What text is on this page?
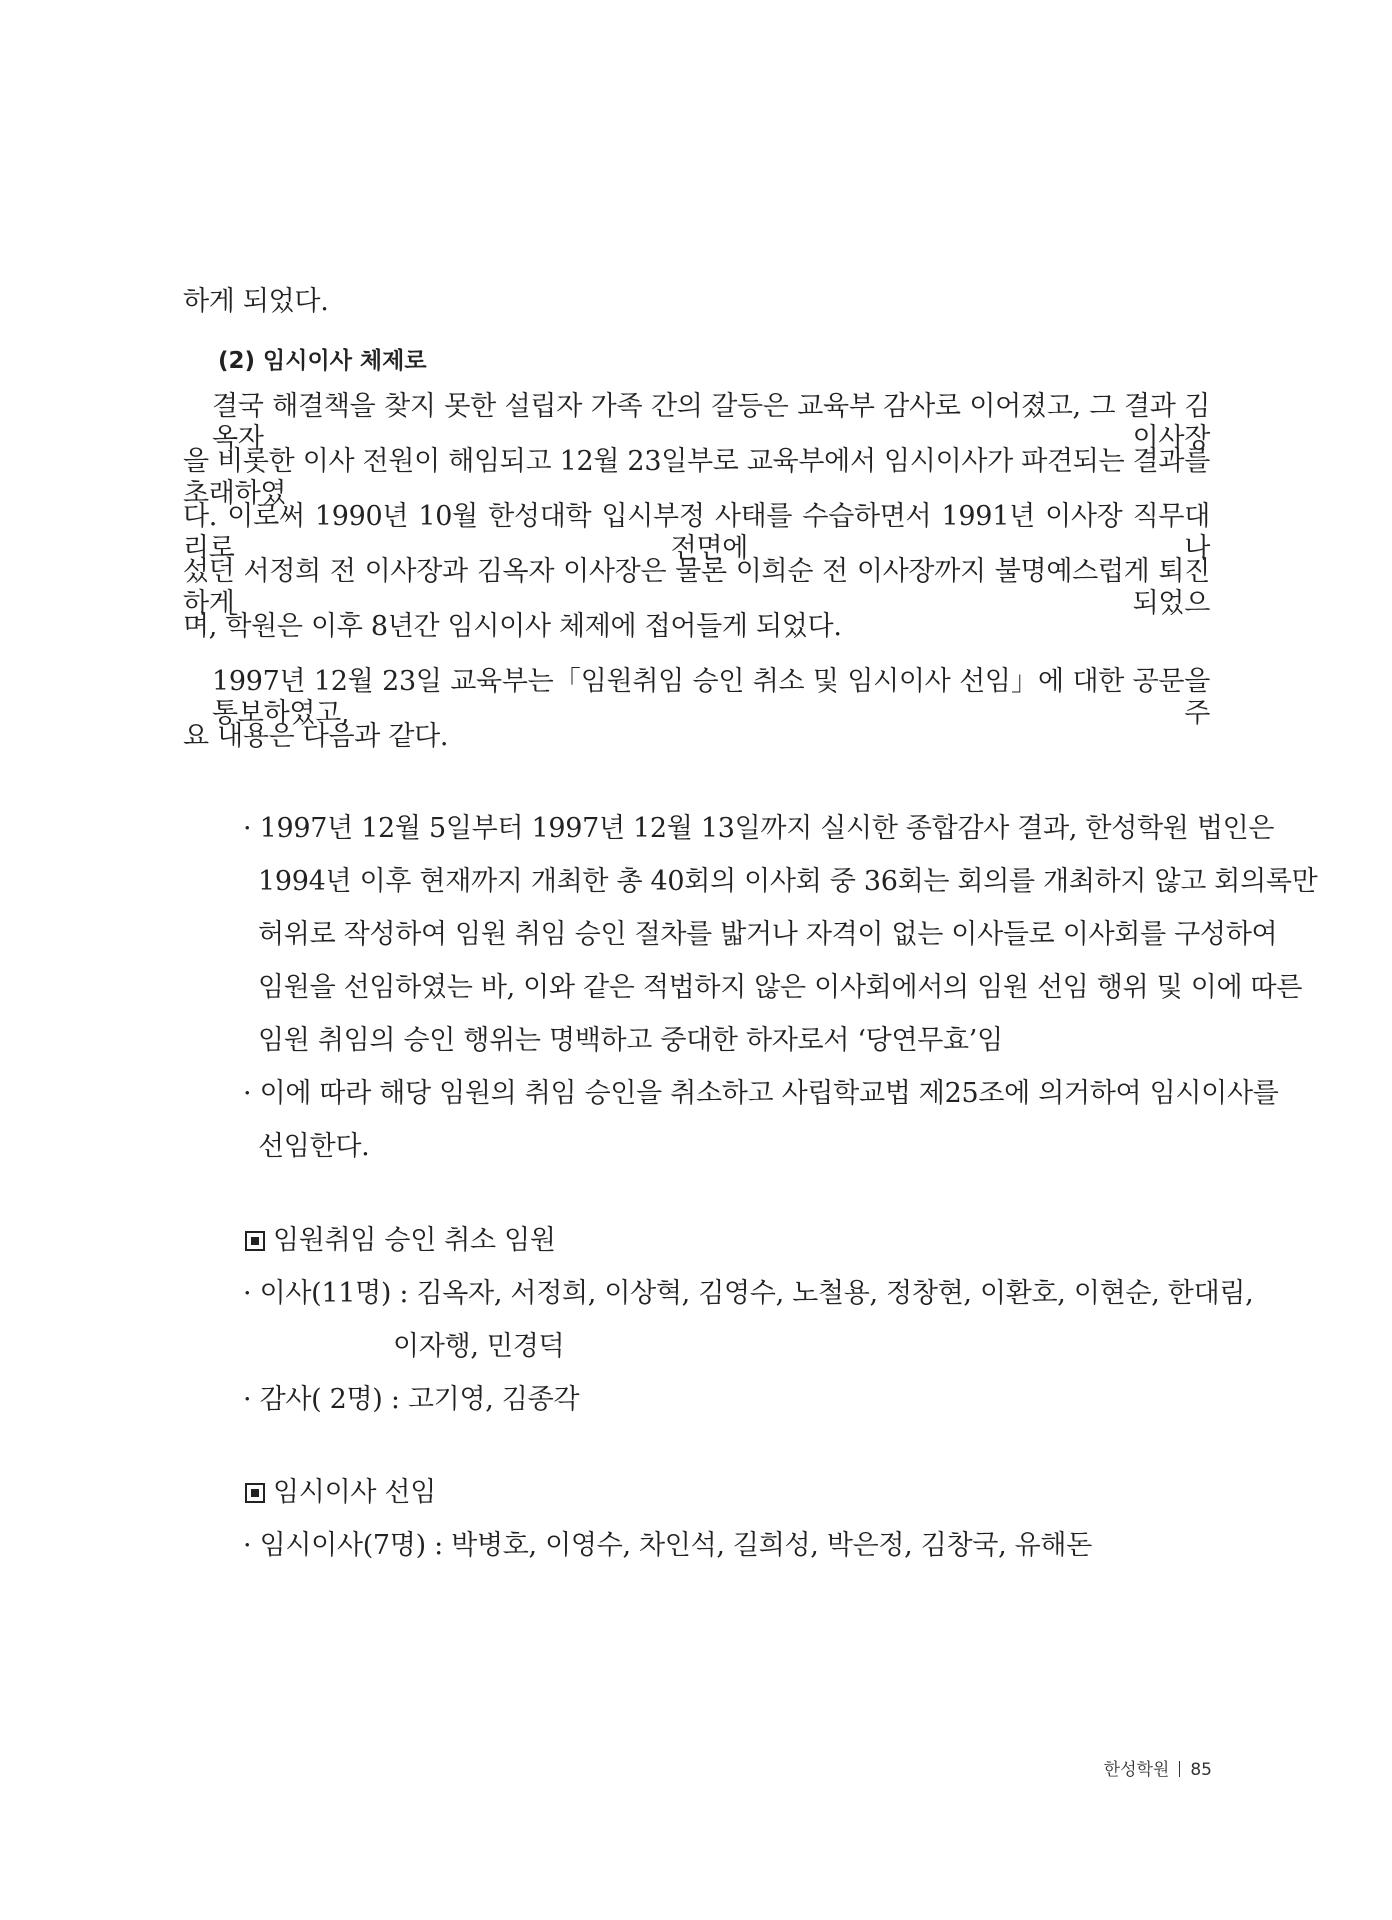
하게 되었다.
(2) 임시이사 체제로
결국 해결책을 찾지 못한 설립자 가족 간의 갈등은 교육부 감사로 이어졌고, 그 결과 김옥자 이사장
을 비롯한 이사 전원이 해임되고 12월 23일부로 교육부에서 임시이사가 파견되는 결과를 초래하였
다. 이로써 1990년 10월 한성대학 입시부정 사태를 수습하면서 1991년 이사장 직무대리로 전면에 나
섰던 서정희 전 이사장과 김옥자 이사장은 물론 이희순 전 이사장까지 불명예스럽게 퇴진하게 되었으
며, 학원은 이후 8년간 임시이사 체제에 접어들게 되었다.
1997년 12월 23일 교육부는「임원취임 승인 취소 및 임시이사 선임」에 대한 공문을 통보하였고, 주
요 내용은 다음과 같다.
· 1997년 12월 5일부터 1997년 12월 13일까지 실시한 종합감사 결과, 한성학원 법인은
1994년 이후 현재까지 개최한 총 40회의 이사회 중 36회는 회의를 개최하지 않고 회의록만
허위로 작성하여 임원 취임 승인 절차를 밟거나 자격이 없는 이사들로 이사회를 구성하여
임원을 선임하였는 바, 이와 같은 적법하지 않은 이사회에서의 임원 선임 행위 및 이에 따른
임원 취임의 승인 행위는 명백하고 중대한 하자로서 ‘당연무효’임
· 이에 따라 해당 임원의 취임 승인을 취소하고 사립학교법 제25조에 의거하여 임시이사를
선임한다.
임원취임 승인 취소 임원
· 이사(11명) : 김옥자, 서정희, 이상혁, 김영수, 노철용, 정창현, 이환호, 이현순, 한대림,
이자행, 민경덕
· 감사( 2명) : 고기영, 김종각
임시이사 선임
· 임시이사(7명) : 박병호, 이영수, 차인석, 길희성, 박은정, 김창국, 유해돈
한성학원 85
